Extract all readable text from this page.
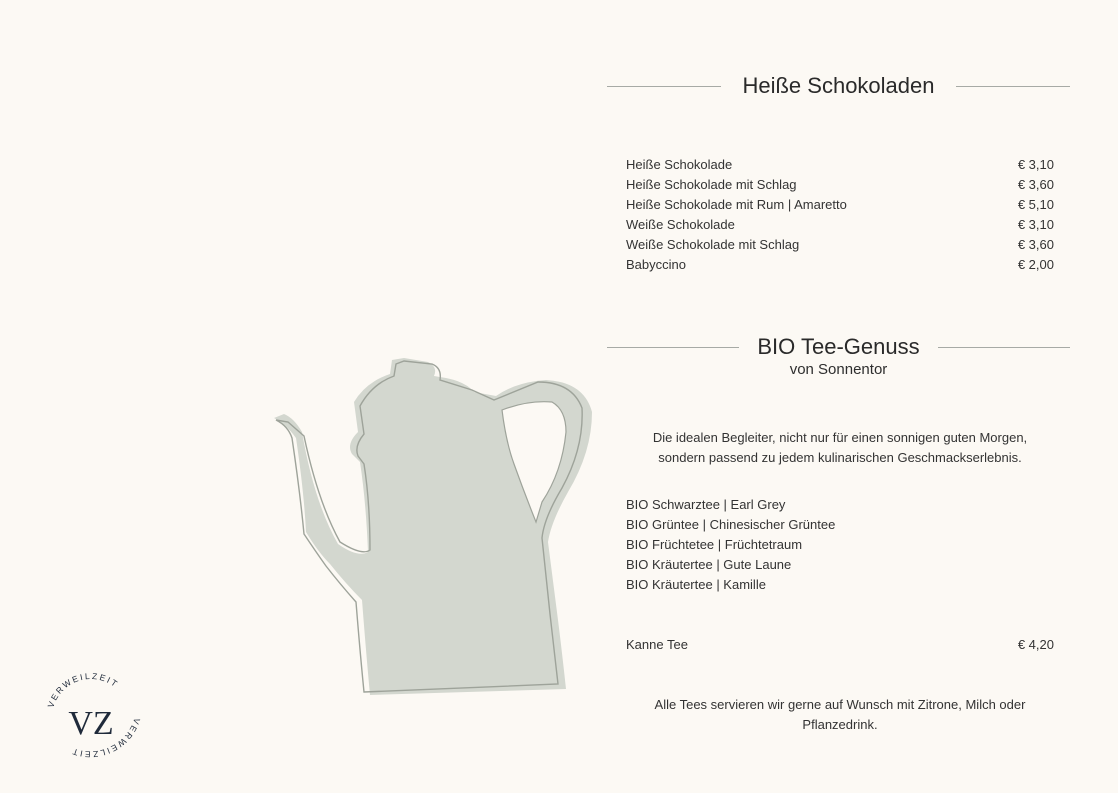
Heiße Schokoladen
Heiße Schokolade	€ 3,10
Heiße Schokolade mit Schlag	€ 3,60
Heiße Schokolade mit Rum | Amaretto	€ 5,10
Weiße Schokolade	€ 3,10
Weiße Schokolade mit Schlag	€ 3,60
Babyccino	€ 2,00
BIO Tee-Genuss
von Sonnentor

Die idealen Begleiter, nicht nur für einen sonnigen guten Morgen,
sondern passend zu jedem kulinarischen Geschmackserlebnis.

BIO Schwarztee | Earl Grey
BIO Grüntee | Chinesischer Grüntee
BIO Früchtetee | Früchtetraum
BIO Kräutertee | Gute Laune
BIO Kräutertee | Kamille
Kanne Tee	€ 4,20

Alle Tees servieren wir gerne auf Wunsch mit Zitrone, Milch oder
Pflanzedrink.

VERWEILZEIT
VERWEILZEIT
VZ
